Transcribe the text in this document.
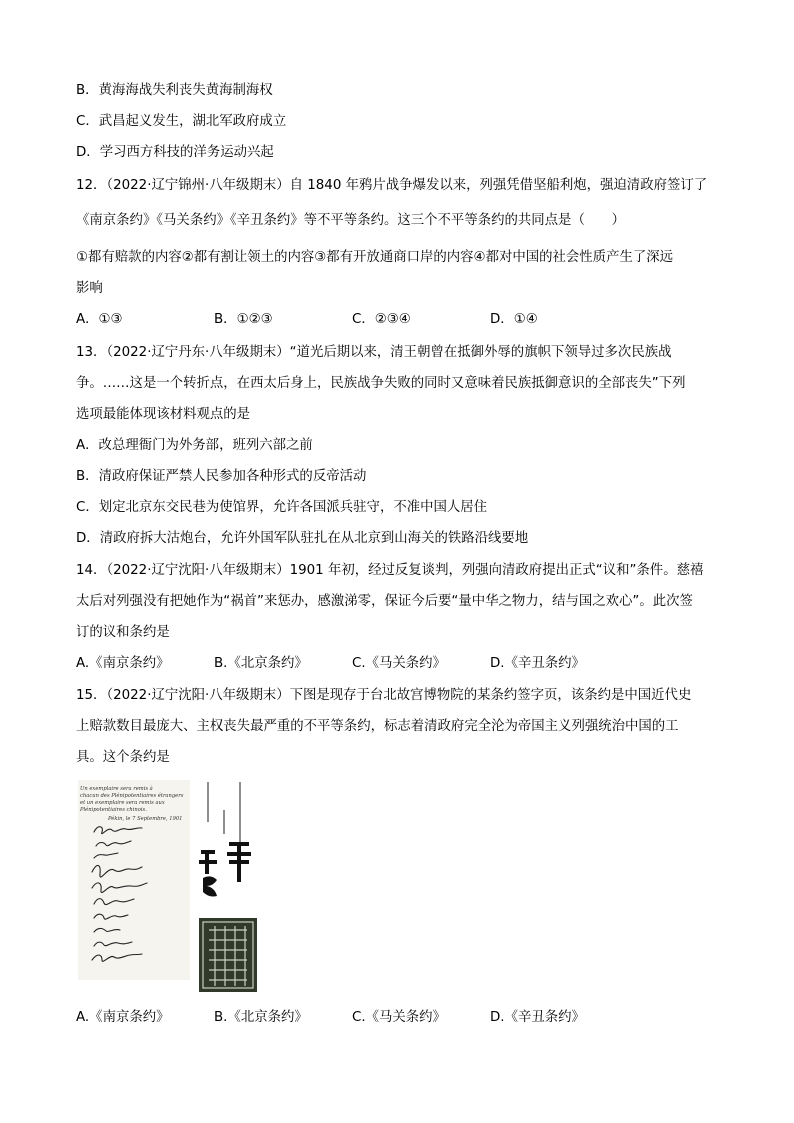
B．黄海海战失利丧失黄海制海权
C．武昌起义发生，湖北军政府成立
D．学习西方科技的洋务运动兴起
12．（2022·辽宁锦州·八年级期末）自 1840 年鸦片战争爆发以来，列强凭借坚船利炮，强迫清政府签订了
《南京条约》《马关条约》《辛丑条约》等不平等条约。这三个不平等条约的共同点是（　　）
①都有赔款的内容②都有割让领土的内容③都有开放通商口岸的内容④都对中国的社会性质产生了深远
影响
A．①③	B．①②③	C．②③④	D．①④
13．（2022·辽宁丹东·八年级期末）“道光后期以来，清王朝曾在抵御外辱的旗帜下领导过多次民族战
争。……这是一个转折点，在西太后身上，民族战争失败的同时又意味着民族抵御意识的全部丧失”下列
选项最能体现该材料观点的是
A．改总理衙门为外务部，班列六部之前
B．清政府保证严禁人民参加各种形式的反帝活动
C．划定北京东交民巷为使馆界，允许各国派兵驻守，不准中国人居住
D．清政府拆大沽炮台，允许外国军队驻扎在从北京到山海关的铁路沿线要地
14．（2022·辽宁沈阳·八年级期末）1901 年初，经过反复谈判，列强向清政府提出正式“议和”条件。慈禧
太后对列强没有把她作为“祸首”来惩办，感激涕零，保证今后要“量中华之物力，结与国之欢心”。此次签
订的议和条约是
A.《南京条约》	B.《北京条约》	C.《马关条约》	D.《辛丑条约》
15．（2022·辽宁沈阳·八年级期末）下图是现存于台北故宫博物院的某条约签字页，该条约是中国近代史
上赔款数目最庞大、主权丧失最严重的不平等条约，标志着清政府完全沦为帝国主义列强统治中国的工
具。这个条约是
Un exemplaire sera remis à
chacun des Plénipotentiaires étrangers
et un exemplaire sera remis aux
Plénipotentiaires chinois.
Pékin, le 7 Septembre, 1901
A.《南京条约》	B.《北京条约》	C.《马关条约》	D.《辛丑条约》
